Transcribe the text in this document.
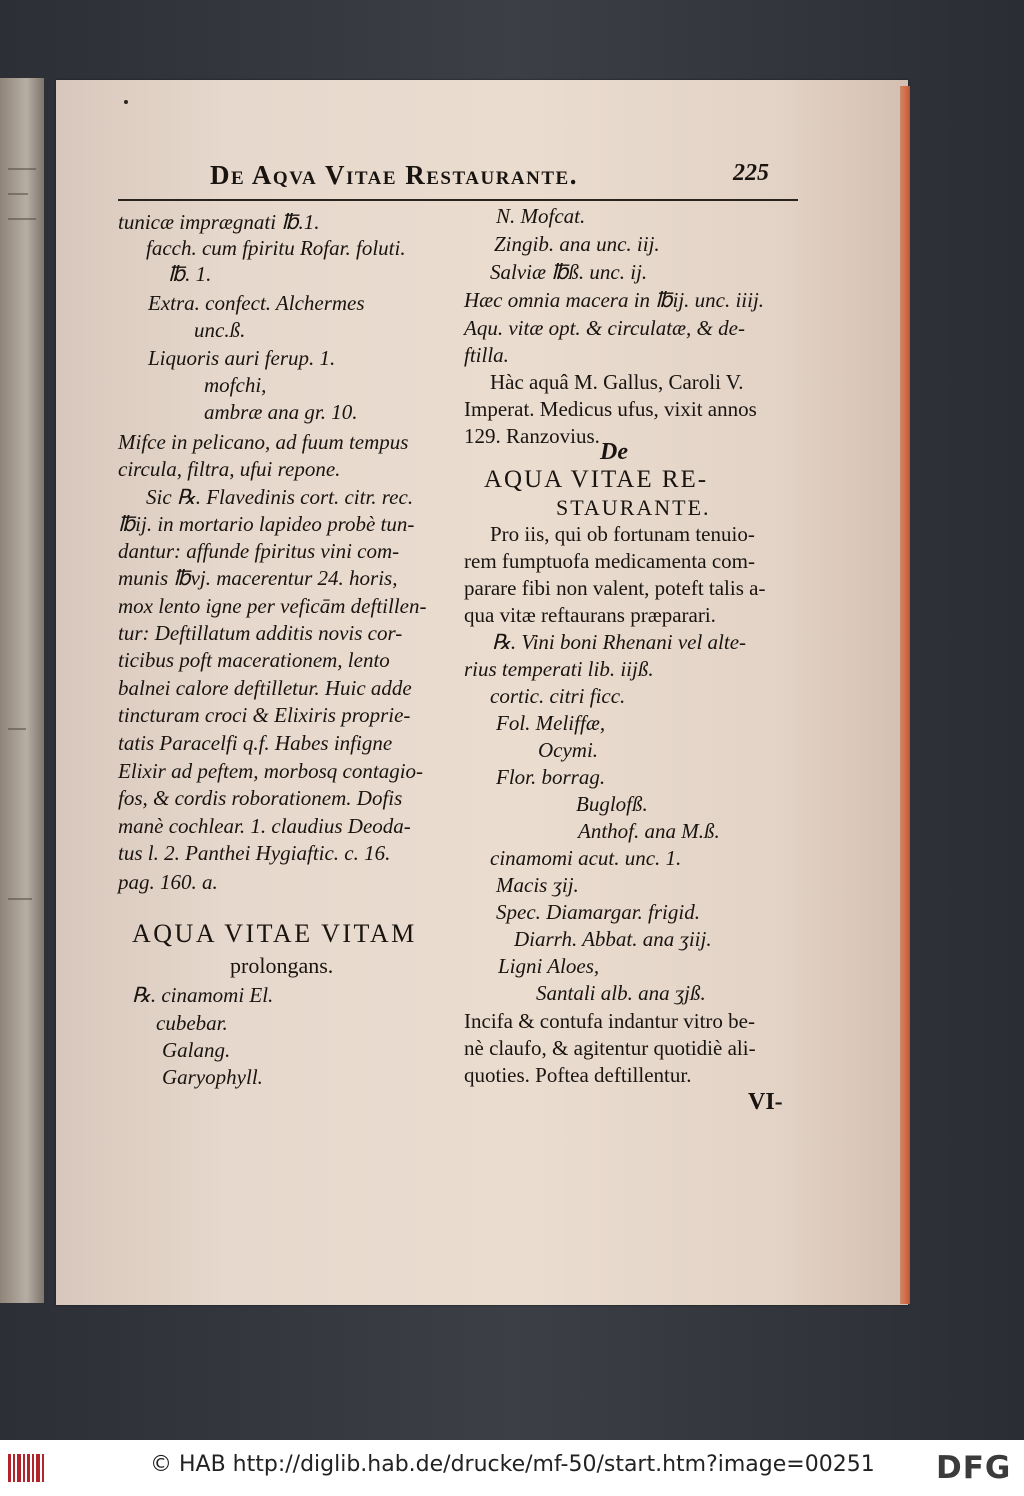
De Aqva Vitae Restaurante.	225
tunicæ imprægnati ℔.1.
facch. cum fpiritu Rofar. foluti.
℔. 1.
Extra. confect. Alchermes
unc.ß.
Liquoris auri ferup. 1.
mofchi,
ambræ ana gr. 10.
Mifce in pelicano, ad fuum tempus
circula, filtra, ufui repone.
Sic ℞. Flavedinis cort. citr. rec.
℔ij. in mortario lapideo probè tun-
dantur: affunde fpiritus vini com-
munis ℔vj. macerentur 24. horis,
mox lento igne per veficām deftillen-
tur: Deftillatum additis novis cor-
ticibus poft macerationem, lento
balnei calore deftilletur. Huic adde
tincturam croci & Elixiris proprie-
tatis Paracelfi q.f. Habes infigne
Elixir ad peftem, morbosq contagio-
fos, & cordis roborationem. Dofis
manè cochlear. 1. claudius Deoda-
tus l. 2. Panthei Hygiaftic. c. 16.
pag. 160. a.
AQUA VITAE VITAM
prolongans.
℞. cinamomi El.
cubebar.
Galang.
Garyophyll.
N. Mofcat.
Zingib. ana unc. iij.
Salviæ ℔ß. unc. ij.
Hæc omnia macera in ℔ij. unc. iiij.
Aqu. vitæ opt. & circulatæ, & de-
ftilla.
Hàc aquâ M. Gallus, Caroli V.
Imperat. Medicus ufus, vixit annos
129. Ranzovius.
De
AQUA VITAE RE-
STAURANTE.
Pro iis, qui ob fortunam tenuio-
rem fumptuofa medicamenta com-
parare fibi non valent, poteft talis a-
qua vitæ reftaurans præparari.
℞. Vini boni Rhenani vel alte-
rius temperati lib. iijß.
cortic. citri ficc.
Fol. Meliffæ,
Ocymi.
Flor. borrag.
Buglofß.
Anthof. ana M.ß.
cinamomi acut. unc. 1.
Macis ʒij.
Spec. Diamargar. frigid.
Diarrh. Abbat. ana ʒiij.
Ligni Aloes,
Santali alb. ana ʒjß.
Incifa & contufa indantur vitro be-
nè claufo, & agitentur quotidiè ali-
quoties. Poftea deftillentur.
VI-
© HAB http://diglib.hab.de/drucke/mf-50/start.htm?image=00251 DFG
